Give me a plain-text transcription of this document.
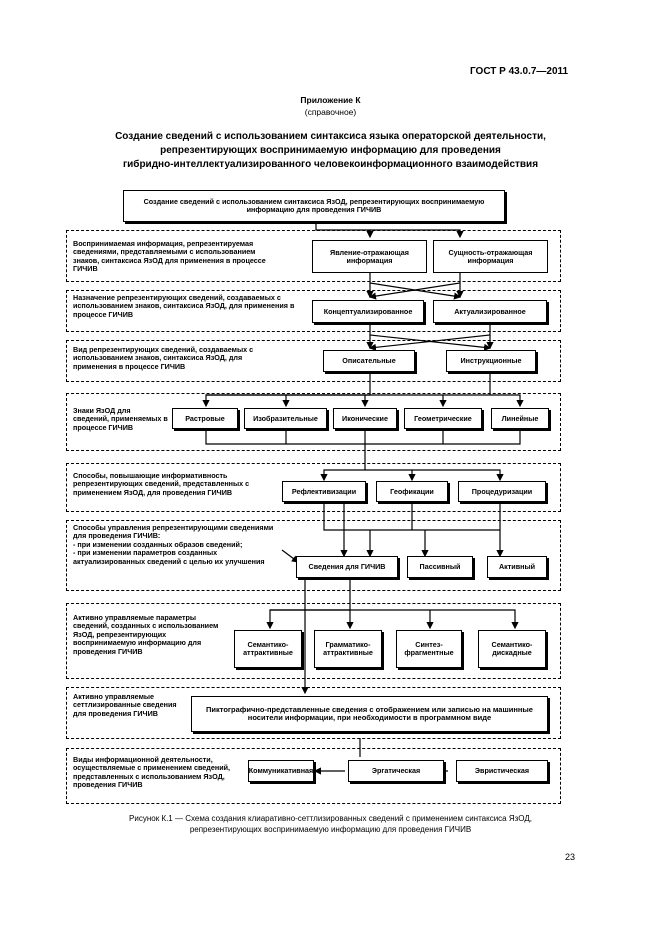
ГОСТ Р 43.0.7—2011
Приложение К
(справочное)
Создание сведений с использованием синтаксиса языка операторской деятельности,
репрезентирующих воспринимаемую информацию для проведения
гибридно-интеллектуализированного человекоинформационного взаимодействия
Создание сведений с использованием синтаксиса ЯзОД, репрезентирующих воспринимаемую информацию для проведения ГИЧИВ
Воспринимаемая информация, репрезентируемая сведениями, представляемыми с использованием знаков, синтаксиса ЯзОД для применения в процессе ГИЧИВ
Явление-отражающая информация
Сущность-отражающая информация
Назначение репрезентирующих сведений, создаваемых с использованием знаков, синтаксиса ЯзОД, для применения в процессе ГИЧИВ	Концептуализированное	Актуализированное
Вид репрезентирующих сведений, создаваемых с использованием знаков, синтаксиса ЯзОД, для применения в процессе ГИЧИВ
Описательные	Инструкционные
Знаки ЯзОД для сведений, применяемых в процессе ГИЧИВ
Растровые	Изобразительные	Иконические	Геометрические	Линейные
Способы, повышающие информативность репрезентирующих сведений, представленных с применением ЯзОД, для проведения ГИЧИВ	Рефлективизации	Геофикации	Процедуризации
Способы управления репрезентирующими сведениями для проведения ГИЧИВ:
- при изменении созданных образов сведений;
- при изменении параметров созданных актуализированных сведений с целью их улучшения
Сведения для ГИЧИВ	Пассивный	Активный
Активно управляемые параметры сведений, созданных с использованием ЯзОД, репрезентирующих воспринимаемую информацию для проведения ГИЧИВ
Семантико-аттрактивные
Грамматико-аттрактивные
Синтез-фрагментные
Семантико-дискадные
Активно управляемые сеттлизированные сведения для проведения ГИЧИВ	Пиктографично-представленные сведения с отображением или записью на машинные носители информации, при необходимости в программном виде
Виды информационной деятельности, осуществляемые с применением сведений, представленных с использованием ЯзОД, проведения ГИЧИВ
Коммуникативная	Эргатическая	Эвристическая
Рисунок К.1 — Схема создания клиаративно-сеттлизированных сведений с применением синтаксиса ЯзОД,
репрезентирующих воспринимаемую информацию для проведения ГИЧИВ
23
